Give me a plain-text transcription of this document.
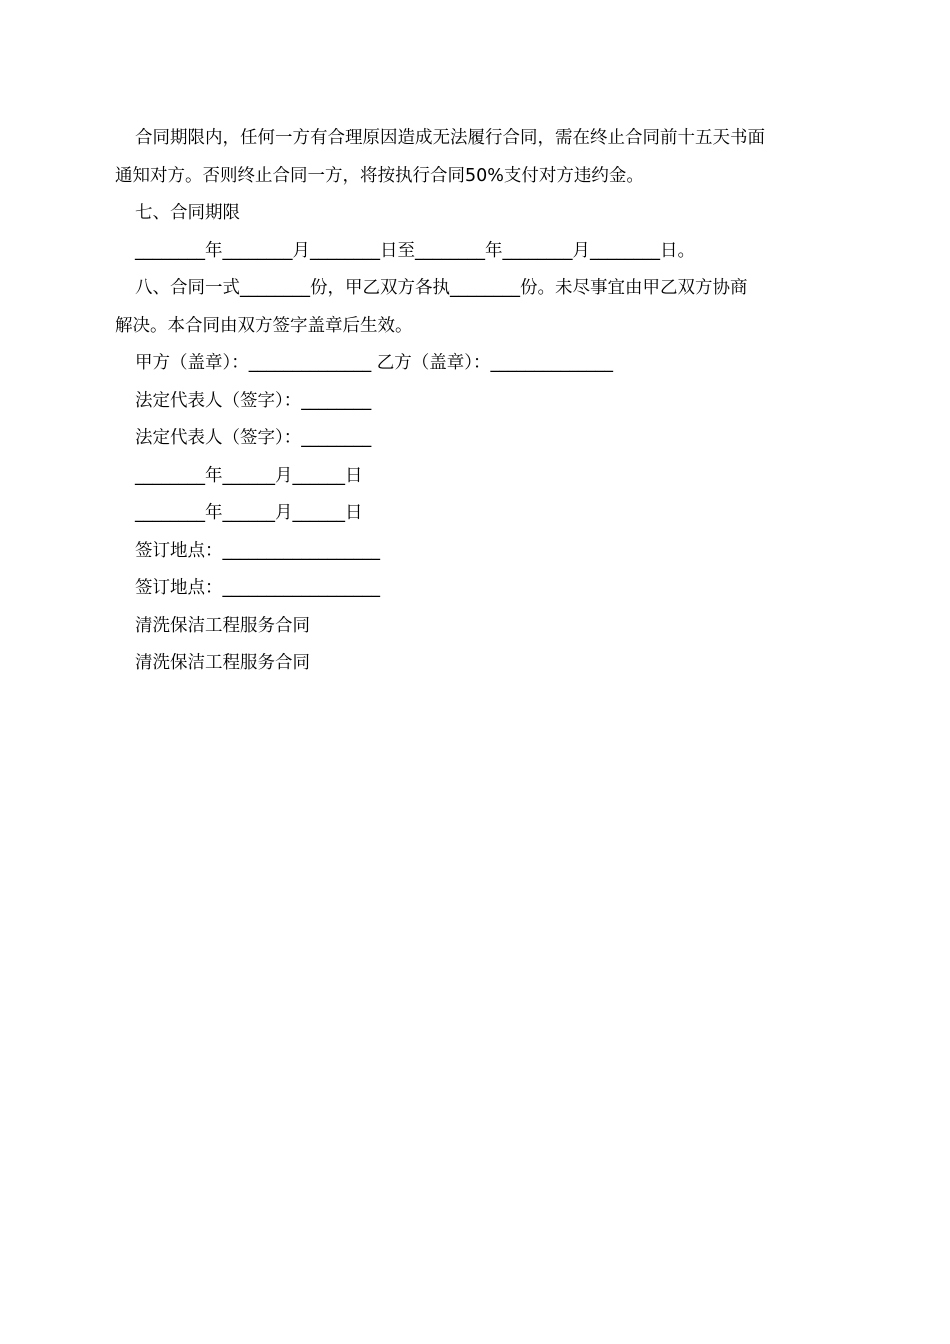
合同期限内，任何一方有合理原因造成无法履行合同，需在终止合同前十五天书面
通知对方。否则终止合同一方，将按执行合同50%支付对方违约金。
七、合同期限
________年________月________日至________年________月________日。
八、合同一式________份，甲乙双方各执________份。未尽事宜由甲乙双方协商
解决。本合同由双方签字盖章后生效。
甲方（盖章）：______________ 乙方（盖章）：______________
法定代表人（签字）：________
法定代表人（签字）：________
________年______月______日
________年______月______日
签订地点：__________________
签订地点：__________________
清洗保洁工程服务合同
清洗保洁工程服务合同
